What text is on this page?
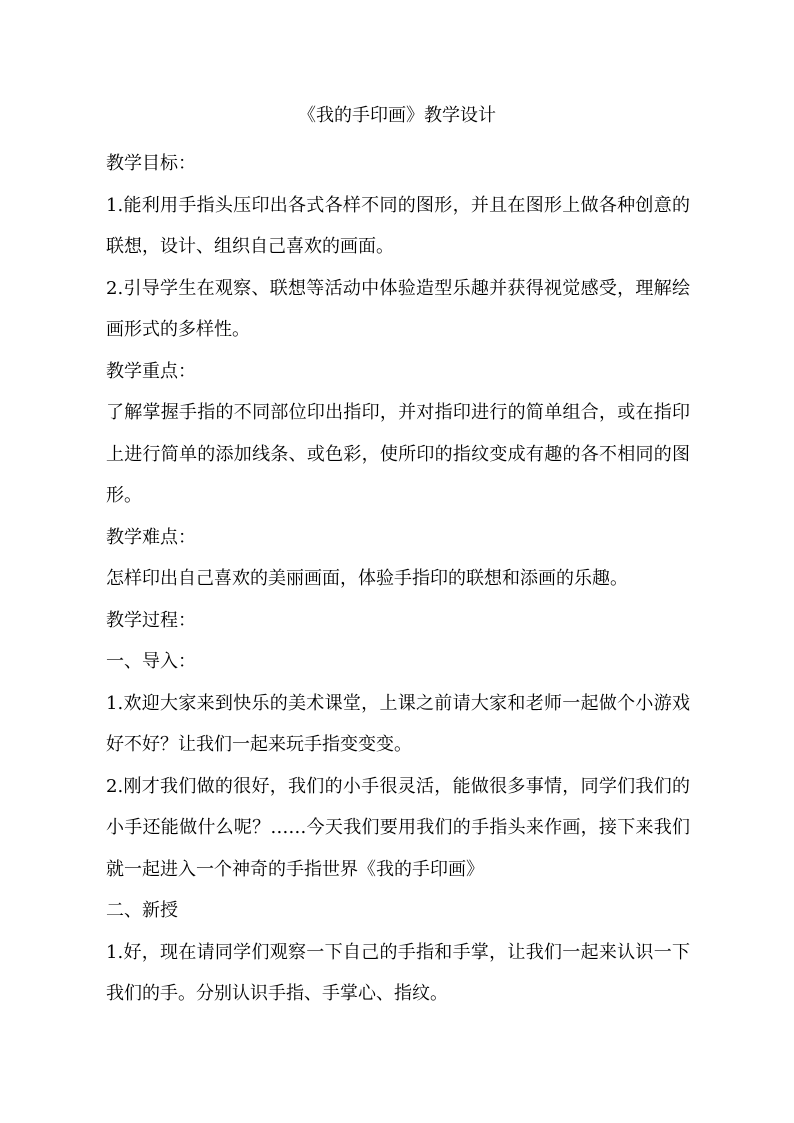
《我的手印画》教学设计

教学目标：

1.能利用手指头压印出各式各样不同的图形，并且在图形上做各种创意的联想，设计、组织自己喜欢的画面。

2.引导学生在观察、联想等活动中体验造型乐趣并获得视觉感受，理解绘画形式的多样性。

教学重点：

了解掌握手指的不同部位印出指印，并对指印进行的简单组合，或在指印上进行简单的添加线条、或色彩，使所印的指纹变成有趣的各不相同的图形。

教学难点：

怎样印出自己喜欢的美丽画面，体验手指印的联想和添画的乐趣。

教学过程：

一、导入：

1.欢迎大家来到快乐的美术课堂，上课之前请大家和老师一起做个小游戏好不好？让我们一起来玩手指变变变。

2.刚才我们做的很好，我们的小手很灵活，能做很多事情，同学们我们的小手还能做什么呢？……今天我们要用我们的手指头来作画，接下来我们就一起进入一个神奇的手指世界《我的手印画》

二、新授

1.好，现在请同学们观察一下自己的手指和手掌，让我们一起来认识一下我们的手。分别认识手指、手掌心、指纹。
